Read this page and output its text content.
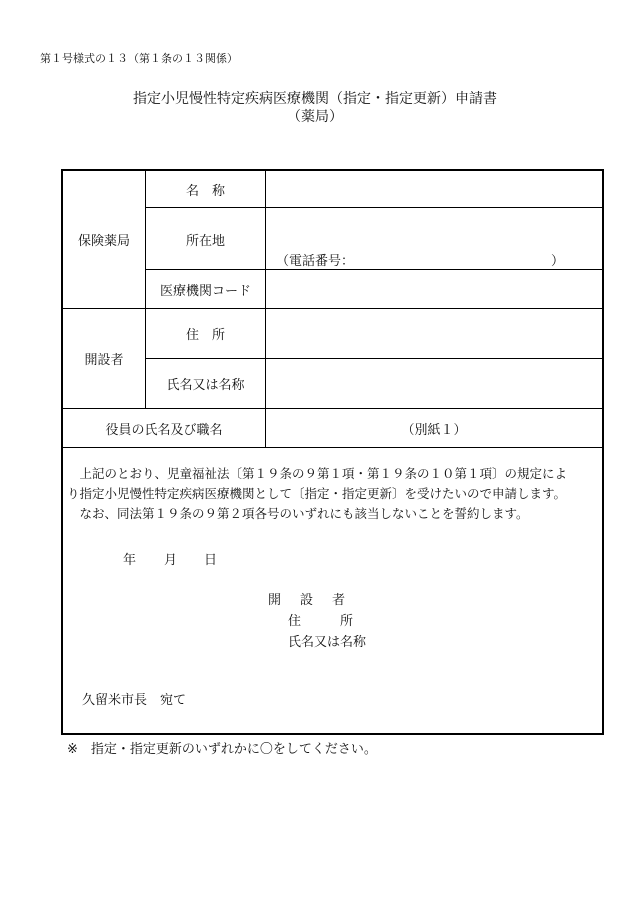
第１号様式の１３（第１条の１３関係）
指定小児慢性特定疾病医療機関（指定・指定更新）申請書
（薬局）
保険薬局
名　称
所在地
（電話番号：	）
医療機関コード
開設者
住　所
氏名又は名称
役員の氏名及び職名	（別紙１）
　上記のとおり、児童福祉法〔第１９条の９第１項・第１９条の１０第１項〕の規定によ
り指定小児慢性特定疾病医療機関として〔指定・指定更新〕を受けたいので申請します。
　なお、同法第１９条の９第２項各号のいずれにも該当しないことを誓約します。
年 月 日
開　設　者
住　　　所
氏名又は名称
久留米市長　宛て
※　指定・指定更新のいずれかに〇をしてください。
